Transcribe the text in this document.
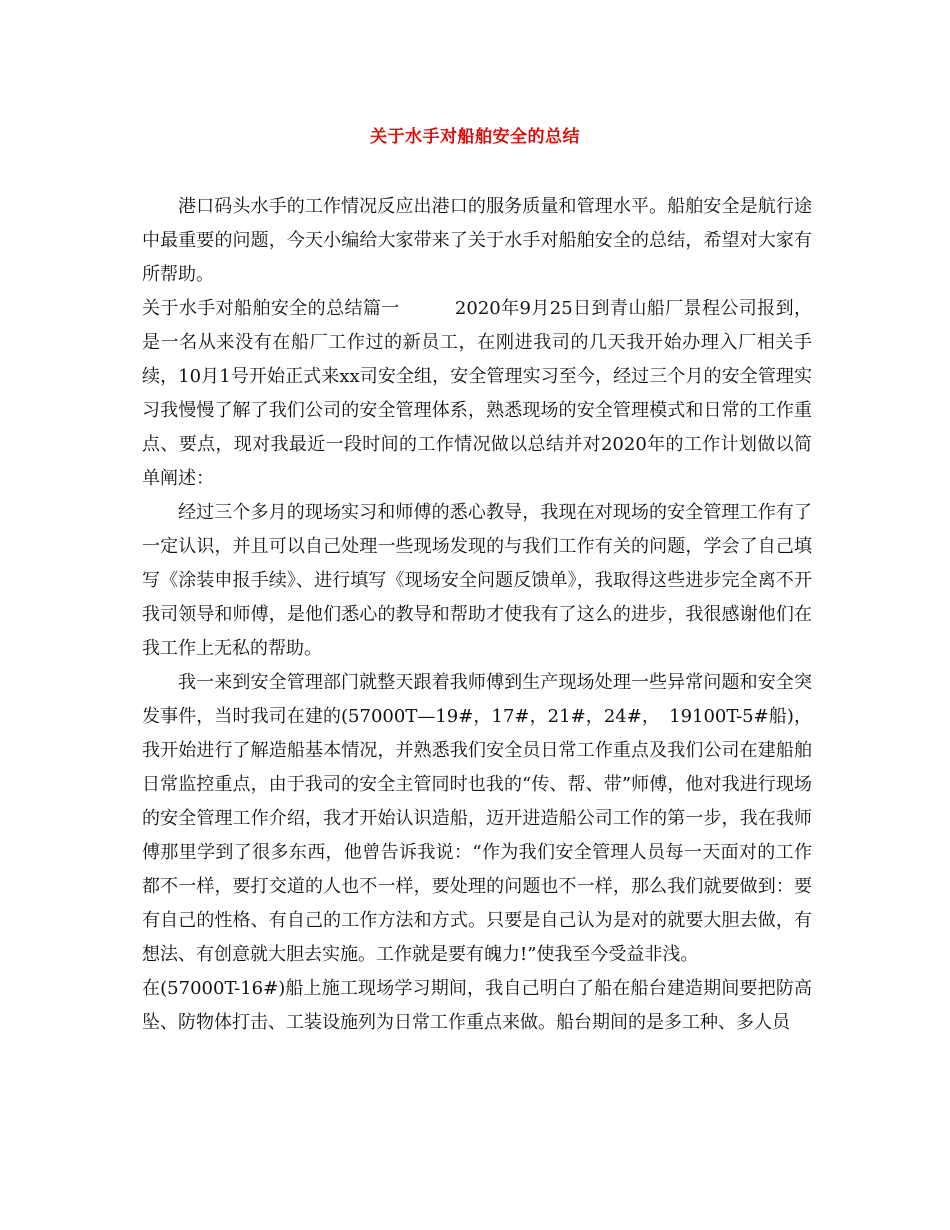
关于水手对船舶安全的总结

港口码头水手的工作情况反应出港口的服务质量和管理水平。船舶安全是航行途中最重要的问题，今天小编给大家带来了关于水手对船舶安全的总结，希望对大家有所帮助。

关于水手对船舶安全的总结篇一　　　2020年9月25日到青山船厂景程公司报到，是一名从来没有在船厂工作过的新员工，在刚进我司的几天我开始办理入厂相关手续，10月1号开始正式来xx司安全组，安全管理实习至今，经过三个月的安全管理实习我慢慢了解了我们公司的安全管理体系，熟悉现场的安全管理模式和日常的工作重点、要点，现对我最近一段时间的工作情况做以总结并对2020年的工作计划做以简单阐述：

经过三个多月的现场实习和师傅的悉心教导，我现在对现场的安全管理工作有了一定认识，并且可以自己处理一些现场发现的与我们工作有关的问题，学会了自己填写《涂装申报手续》、进行填写《现场安全问题反馈单》，我取得这些进步完全离不开我司领导和师傅，是他们悉心的教导和帮助才使我有了这么的进步，我很感谢他们在我工作上无私的帮助。

我一来到安全管理部门就整天跟着我师傅到生产现场处理一些异常问题和安全突发事件，当时我司在建的(57000T—19#，17#，21#，24#，　19100T-5#船)，我开始进行了解造船基本情况，并熟悉我们安全员日常工作重点及我们公司在建船舶日常监控重点，由于我司的安全主管同时也我的“传、帮、带”师傅，他对我进行现场的安全管理工作介绍，我才开始认识造船，迈开进造船公司工作的第一步，我在我师傅那里学到了很多东西，他曾告诉我说：“作为我们安全管理人员每一天面对的工作都不一样，要打交道的人也不一样，要处理的问题也不一样，那么我们就要做到：要有自己的性格、有自己的工作方法和方式。只要是自己认为是对的就要大胆去做，有想法、有创意就大胆去实施。工作就是要有魄力!”使我至今受益非浅。

在(57000T-16#)船上施工现场学习期间，我自己明白了船在船台建造期间要把防高坠、防物体打击、工装设施列为日常工作重点来做。船台期间的是多工种、多人员
